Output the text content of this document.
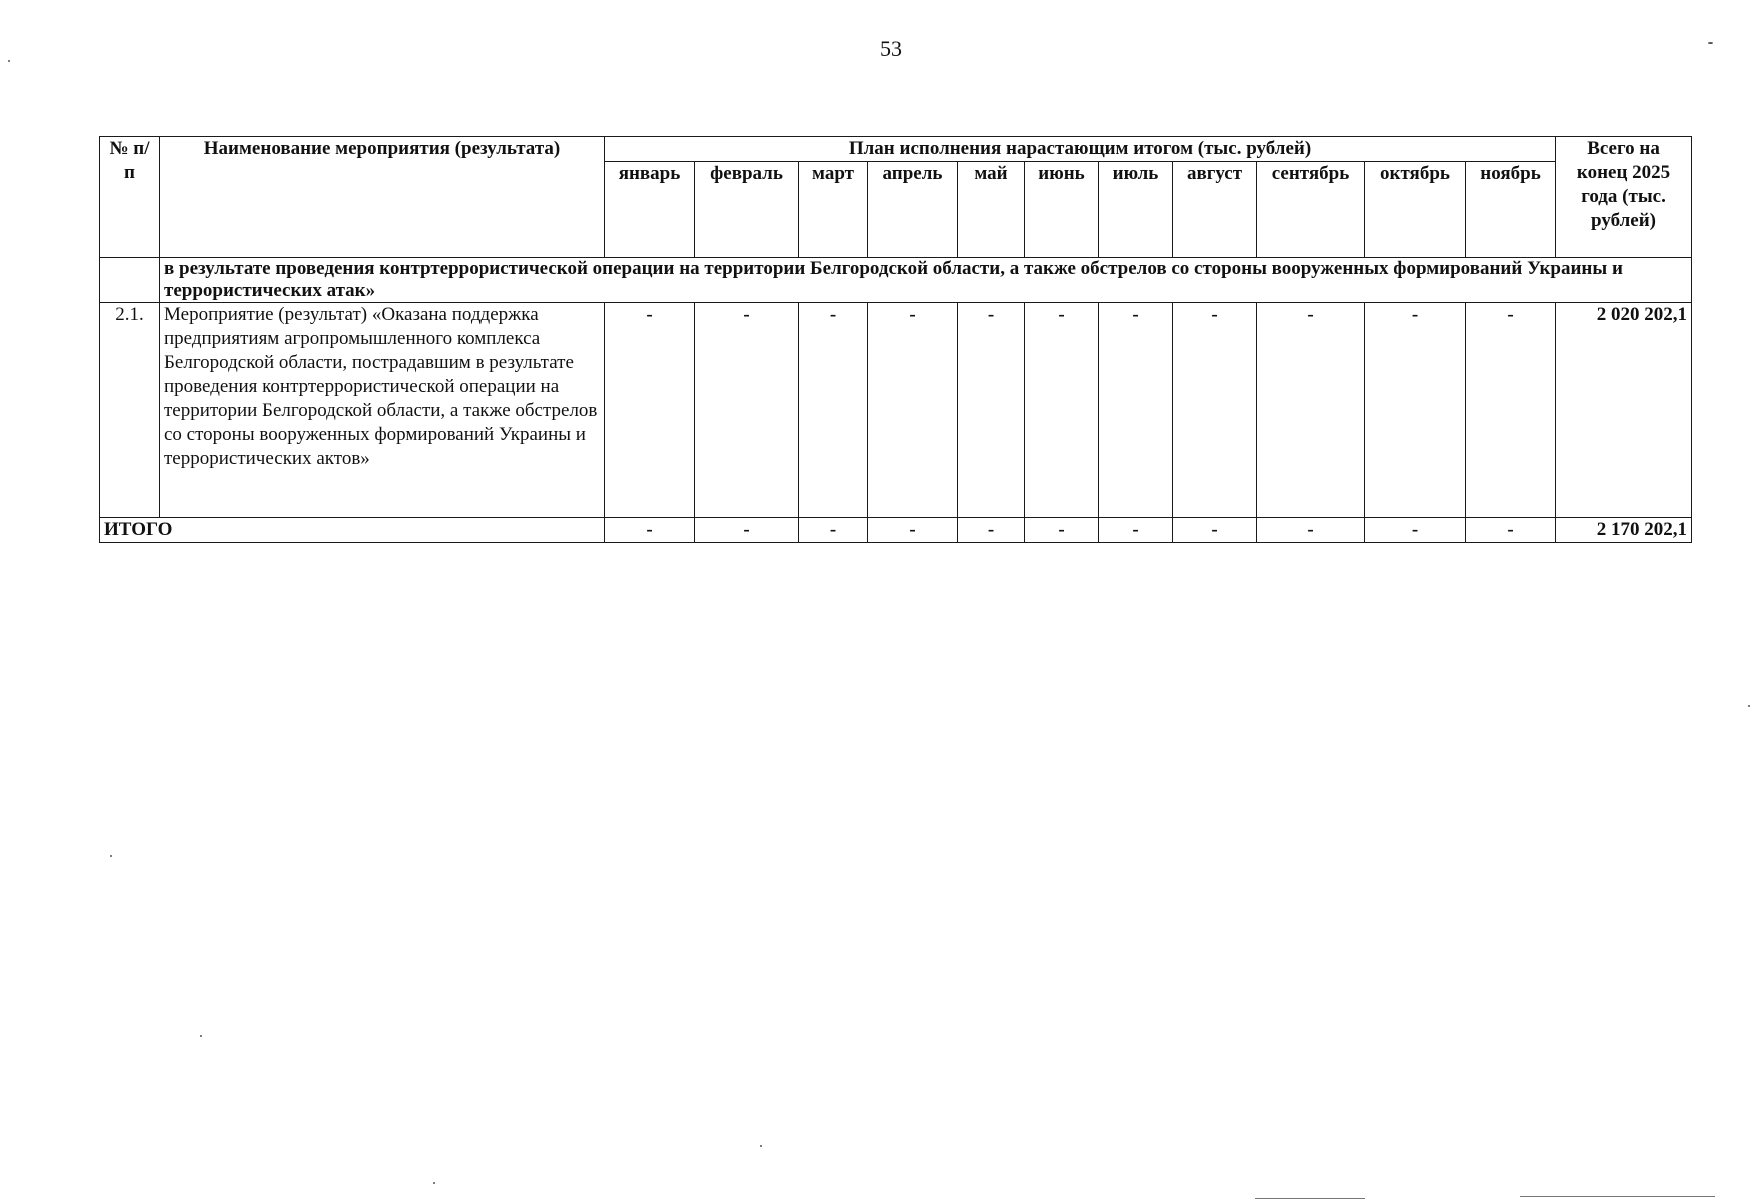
53
№ п/п	Наименование мероприятия (результата)	План исполнения нарастающим итогом (тыс. рублей)											Всего на конец 2025 года (тыс. рублей)
		январь	февраль	март	апрель	май	июнь	июль	август	сентябрь	октябрь	ноябрь	
	в результате проведения контртеррористической операции на территории Белгородской области, а также обстрелов со стороны вооруженных формирований Украины и террористических атак»												
2.1.	Мероприятие (результат) «Оказана поддержка предприятиям агропромышленного комплекса Белгородской области, пострадавшим в результате проведения контртеррористической операции на территории Белгородской области, а также обстрелов со стороны вооруженных формирований Украины и террористических актов»	-	-	-	-	-	-	-	-	-	-	-	2 020 202,1
ИТОГО		-	-	-	-	-	-	-	-	-	-	-	2 170 202,1
